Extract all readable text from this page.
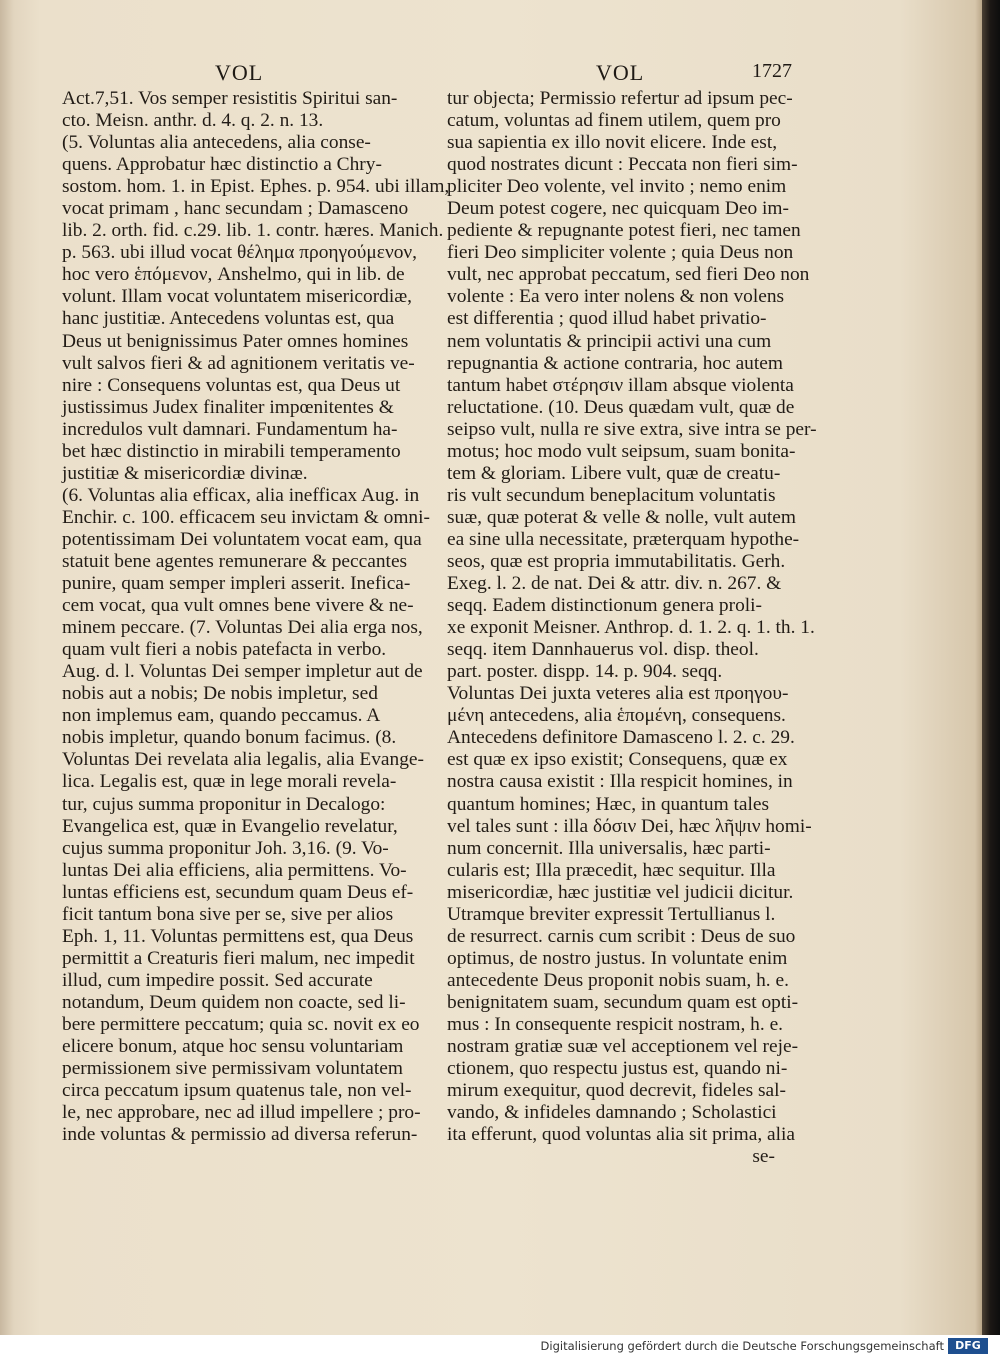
VOL	VOL	1727
Act.7,51. Vos semper resistitis Spiritui san-
cto. Meisn. anthr. d. 4. q. 2. n. 13.
(5. Voluntas alia antecedens, alia conse-
quens. Approbatur hæc distinctio a Chry-
sostom. hom. 1. in Epist. Ephes. p. 954. ubi illam,
vocat primam , hanc secundam ; Damasceno
lib. 2. orth. fid. c.29. lib. 1. contr. hæres. Manich.
p. 563. ubi illud vocat θέλημα προηγούμενον,
hoc vero ἑπόμενον, Anshelmo, qui in lib. de
volunt. Illam vocat voluntatem misericordiæ,
hanc justitiæ. Antecedens voluntas est, qua
Deus ut benignissimus Pater omnes homines
vult salvos fieri & ad agnitionem veritatis ve-
nire : Consequens voluntas est, qua Deus ut
justissimus Judex finaliter impœnitentes &
incredulos vult damnari. Fundamentum ha-
bet hæc distinctio in mirabili temperamento
justitiæ & misericordiæ divinæ.
(6. Voluntas alia efficax, alia inefficax Aug. in
Enchir. c. 100. efficacem seu invictam & omni-
potentissimam Dei voluntatem vocat eam, qua
statuit bene agentes remunerare & peccantes
punire, quam semper impleri asserit. Inefica-
cem vocat, qua vult omnes bene vivere & ne-
minem peccare. (7. Voluntas Dei alia erga nos,
quam vult fieri a nobis patefacta in verbo.
Aug. d. l. Voluntas Dei semper impletur aut de
nobis aut a nobis; De nobis impletur, sed
non implemus eam, quando peccamus. A
nobis impletur, quando bonum facimus. (8.
Voluntas Dei revelata alia legalis, alia Evange-
lica. Legalis est, quæ in lege morali revela-
tur, cujus summa proponitur in Decalogo:
Evangelica est, quæ in Evangelio revelatur,
cujus summa proponitur Joh. 3,16. (9. Vo-
luntas Dei alia efficiens, alia permittens. Vo-
luntas efficiens est, secundum quam Deus ef-
ficit tantum bona sive per se, sive per alios
Eph. 1, 11. Voluntas permittens est, qua Deus
permittit a Creaturis fieri malum, nec impedit
illud, cum impedire possit. Sed accurate
notandum, Deum quidem non coacte, sed li-
bere permittere peccatum; quia sc. novit ex eo
elicere bonum, atque hoc sensu voluntariam
permissionem sive permissivam voluntatem
circa peccatum ipsum quatenus tale, non vel-
le, nec approbare, nec ad illud impellere ; pro-
inde voluntas & permissio ad diversa referun-
tur objecta; Permissio refertur ad ipsum pec-
catum, voluntas ad finem utilem, quem pro
sua sapientia ex illo novit elicere. Inde est,
quod nostrates dicunt : Peccata non fieri sim-
pliciter Deo volente, vel invito ; nemo enim
Deum potest cogere, nec quicquam Deo im-
pediente & repugnante potest fieri, nec tamen
fieri Deo simpliciter volente ; quia Deus non
vult, nec approbat peccatum, sed fieri Deo non
volente : Ea vero inter nolens & non volens
est differentia ; quod illud habet privatio-
nem voluntatis & principii activi una cum
repugnantia & actione contraria, hoc autem
tantum habet στέρησιν illam absque violenta
reluctatione. (10. Deus quædam vult, quæ de
seipso vult, nulla re sive extra, sive intra se per-
motus; hoc modo vult seipsum, suam bonita-
tem & gloriam. Libere vult, quæ de creatu-
ris vult secundum beneplacitum voluntatis
suæ, quæ poterat & velle & nolle, vult autem
ea sine ulla necessitate, præterquam hypothe-
seos, quæ est propria immutabilitatis. Gerh.
Exeg. l. 2. de nat. Dei & attr. div. n. 267. &
seqq. Eadem distinctionum genera proli-
xe exponit Meisner. Anthrop. d. 1. 2. q. 1. th. 1.
seqq. item Dannhauerus vol. disp. theol.
part. poster. dispp. 14. p. 904. seqq.
Voluntas Dei juxta veteres alia est προηγου-
μένη antecedens, alia ἑπομένη, consequens.
Antecedens definitore Damasceno l. 2. c. 29.
est quæ ex ipso existit; Consequens, quæ ex
nostra causa existit : Illa respicit homines, in
quantum homines; Hæc, in quantum tales
vel tales sunt : illa δόσιν Dei, hæc λῆψιν homi-
num concernit. Illa universalis, hæc parti-
cularis est; Illa præcedit, hæc sequitur. Illa
misericordiæ, hæc justitiæ vel judicii dicitur.
Utramque breviter expressit Tertullianus l.
de resurrect. carnis cum scribit : Deus de suo
optimus, de nostro justus. In voluntate enim
antecedente Deus proponit nobis suam, h. e.
benignitatem suam, secundum quam est opti-
mus : In consequente respicit nostram, h. e.
nostram gratiæ suæ vel acceptionem vel reje-
ctionem, quo respectu justus est, quando ni-
mirum exequitur, quod decrevit, fideles sal-
vando, & infideles damnando ; Scholastici
ita efferunt, quod voluntas alia sit prima, alia
se-
Digitalisierung gefördert durch die Deutsche Forschungsgemeinschaft	DFG
